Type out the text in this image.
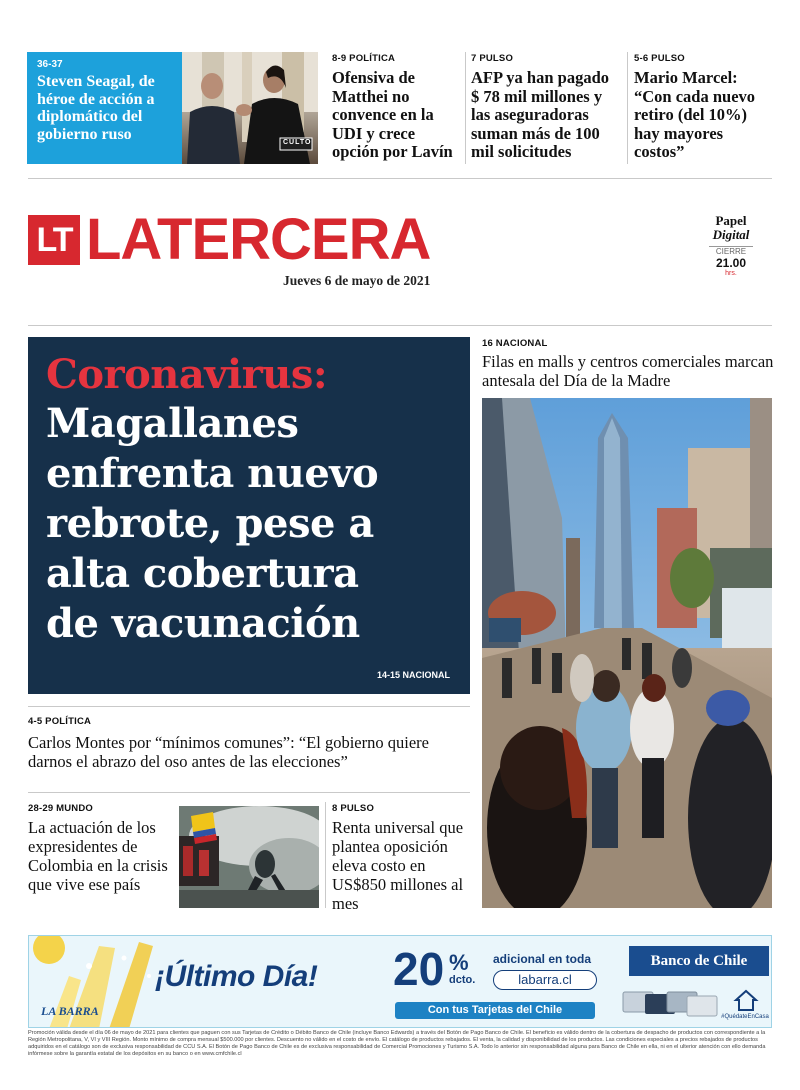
36-37
Steven Seagal, de héroe de acción a diplomático del gobierno ruso	CULTO
8-9 POLÍTICA
Ofensiva de Matthei no convence en la UDI y crece opción por Lavín
7 PULSO
AFP ya han pagado $ 78 mil millones y las aseguradoras suman más de 100 mil solicitudes
5-6 PULSO
Mario Marcel: “Con cada nuevo retiro (del 10%) hay mayores costos”
LT LATERCERA
Jueves 6 de mayo de 2021
Papel
Digital
CIERRE
21.00
hrs.
Coronavirus:
Magallanes
enfrenta nuevo
rebrote, pese a
alta cobertura
de vacunación
14-15 NACIONAL
16 NACIONAL
Filas en malls y centros comerciales marcan antesala del Día de la Madre
4-5 POLÍTICA
Carlos Montes por “mínimos comunes”: “El gobierno quiere darnos el abrazo del oso antes de las elecciones”
28-29 MUNDO
La actuación de los expresidentes de Colombia en la crisis que vive ese país
8 PULSO
Renta universal que plantea oposición eleva costo en US$850 millones al mes
LA BARRA
¡Último Día! 20 %
dcto.
adicional en toda
labarra.cl
Con tus Tarjetas del Chile
Banco de Chile
#QuédateEnCasa
Promoción válida desde el día 06 de mayo de 2021 para clientes que paguen con sus Tarjetas de Crédito o Débito Banco de Chile (incluye Banco Edwards) a través del Botón de Pago Banco de Chile. El beneficio es válido dentro de la cobertura de despacho de productos con correspondiente a la Región Metropolitana, V, VI y VIII Región. Monto mínimo de compra mensual $500.000 por clientes. Descuento no válido en el costo de envío. El catálogo de productos rebajados. El venta, la calidad y disponibilidad de los productos. Las condiciones especiales a precios rebajados de productos adquiridos en el catálogo son de exclusiva responsabilidad de CCU S.A. El Botón de Pago Banco de Chile es de exclusiva responsabilidad de Comercial Promociones y Turismo S.A. Todo lo anterior sin responsabilidad alguna para Banco de Chile en ella, ni en el ulterior atención con ello demanda infórmese sobre la garantía estatal de los depósitos en su banco o en www.cmfchile.cl
